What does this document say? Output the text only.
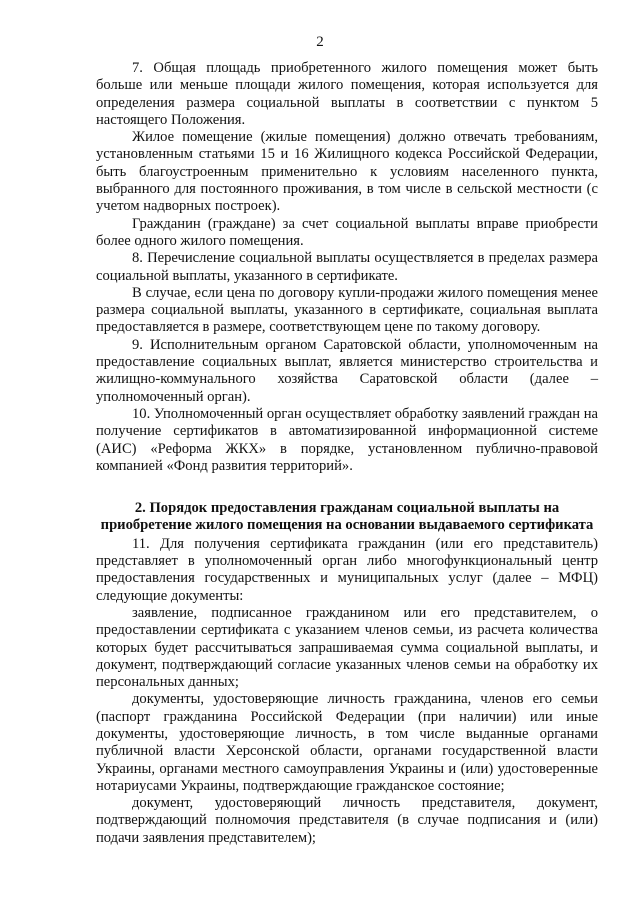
2

7. Общая площадь приобретенного жилого помещения может быть больше или меньше площади жилого помещения, которая используется для определения размера социальной выплаты в соответствии с пунктом 5 настоящего Положения.

Жилое помещение (жилые помещения) должно отвечать требованиям, установленным статьями 15 и 16 Жилищного кодекса Российской Федерации, быть благоустроенным применительно к условиям населенного пункта, выбранного для постоянного проживания, в том числе в сельской местности (с учетом надворных построек).

Гражданин (граждане) за счет социальной выплаты вправе приобрести более одного жилого помещения.

8. Перечисление социальной выплаты осуществляется в пределах размера социальной выплаты, указанного в сертификате.

В случае, если цена по договору купли-продажи жилого помещения менее размера социальной выплаты, указанного в сертификате, социальная выплата предоставляется в размере, соответствующем цене по такому договору.

9. Исполнительным органом Саратовской области, уполномоченным на предоставление социальных выплат, является министерство строительства и жилищно-коммунального хозяйства Саратовской области (далее – уполномоченный орган).

10. Уполномоченный орган осуществляет обработку заявлений граждан на получение сертификатов в автоматизированной информационной системе (АИС) «Реформа ЖКХ» в порядке, установленном публично-правовой компанией «Фонд развития территорий».

2. Порядок предоставления гражданам социальной выплаты на приобретение жилого помещения на основании выдаваемого сертификата

11. Для получения сертификата гражданин (или его представитель) представляет в уполномоченный орган либо многофункциональный центр предоставления государственных и муниципальных услуг (далее – МФЦ) следующие документы:

заявление, подписанное гражданином или его представителем, о предоставлении сертификата с указанием членов семьи, из расчета количества которых будет рассчитываться запрашиваемая сумма социальной выплаты, и документ, подтверждающий согласие указанных членов семьи на обработку их персональных данных;

документы, удостоверяющие личность гражданина, членов его семьи (паспорт гражданина Российской Федерации (при наличии) или иные документы, удостоверяющие личность, в том числе выданные органами публичной власти Херсонской области, органами государственной власти Украины, органами местного самоуправления Украины и (или) удостоверенные нотариусами Украины, подтверждающие гражданское состояние;

документ, удостоверяющий личность представителя, документ, подтверждающий полномочия представителя (в случае подписания и (или) подачи заявления представителем);
